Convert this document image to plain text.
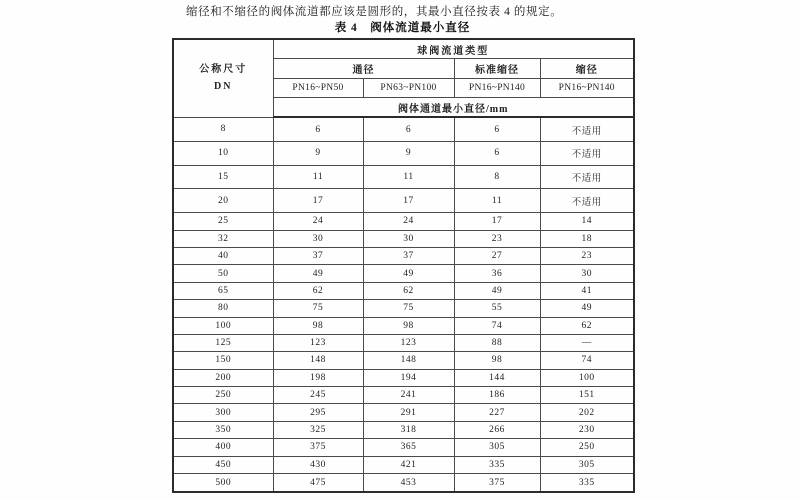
缩径和不缩径的阀体流道都应该是圆形的，其最小直径按表 4 的规定。
表 4　阀体流道最小直径
公称尺寸
DN	球阀流道类型			
	通径		标准缩径	缩径
	PN16~PN50	PN63~PN100	PN16~PN140	PN16~PN140
	阀体通道最小直径/mm			
8	6	6	6	不适用
10	9	9	6	不适用
15	11	11	8	不适用
20	17	17	11	不适用
25	24	24	17	14
32	30	30	23	18
40	37	37	27	23
50	49	49	36	30
65	62	62	49	41
80	75	75	55	49
100	98	98	74	62
125	123	123	88	—
150	148	148	98	74
200	198	194	144	100
250	245	241	186	151
300	295	291	227	202
350	325	318	266	230
400	375	365	305	250
450	430	421	335	305
500	475	453	375	335
